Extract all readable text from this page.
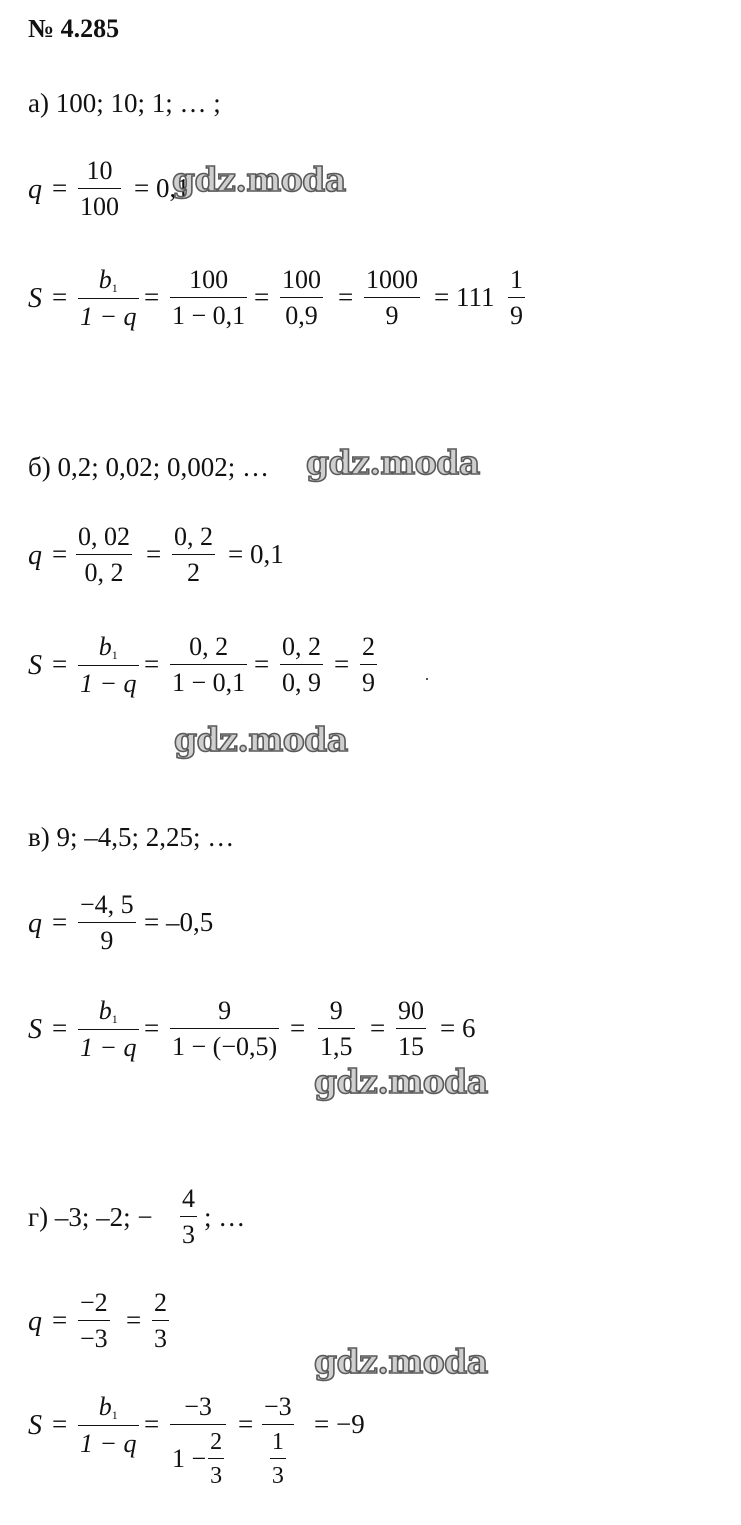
№ 4.285
а) 100; 10; 1; … ;
q =
10
100
= 0,1
gdz.moda
S =
$b_1$
1 − q
=
100
1 − 0,1
=
100
0,9
=
1000
9
= 111
1
9
б) 0,2; 0,02; 0,002; … gdz.moda
q =
0, 02
0, 2
=
0, 2
2
= 0,1
S =
$b_1$
1 − q
=
0, 2
1 − 0,1
=
0, 2
0, 9
=
2
9
gdz.moda
в) 9; –4,5; 2,25; …
q =
−4, 5
9
= –0,5
S =
$b_1$
1 − q
=
9
1 − (−0,5)
=
9
1,5
=
90
15
= 6
gdz.moda
г) –3; –2; −
4
3
; …
q =
−2
−3
=
2
3
gdz.moda
S =
$b_1$
1 − q
=
−3
$1 - \frac{2}{3}$
=
−3
1
3
= −9
